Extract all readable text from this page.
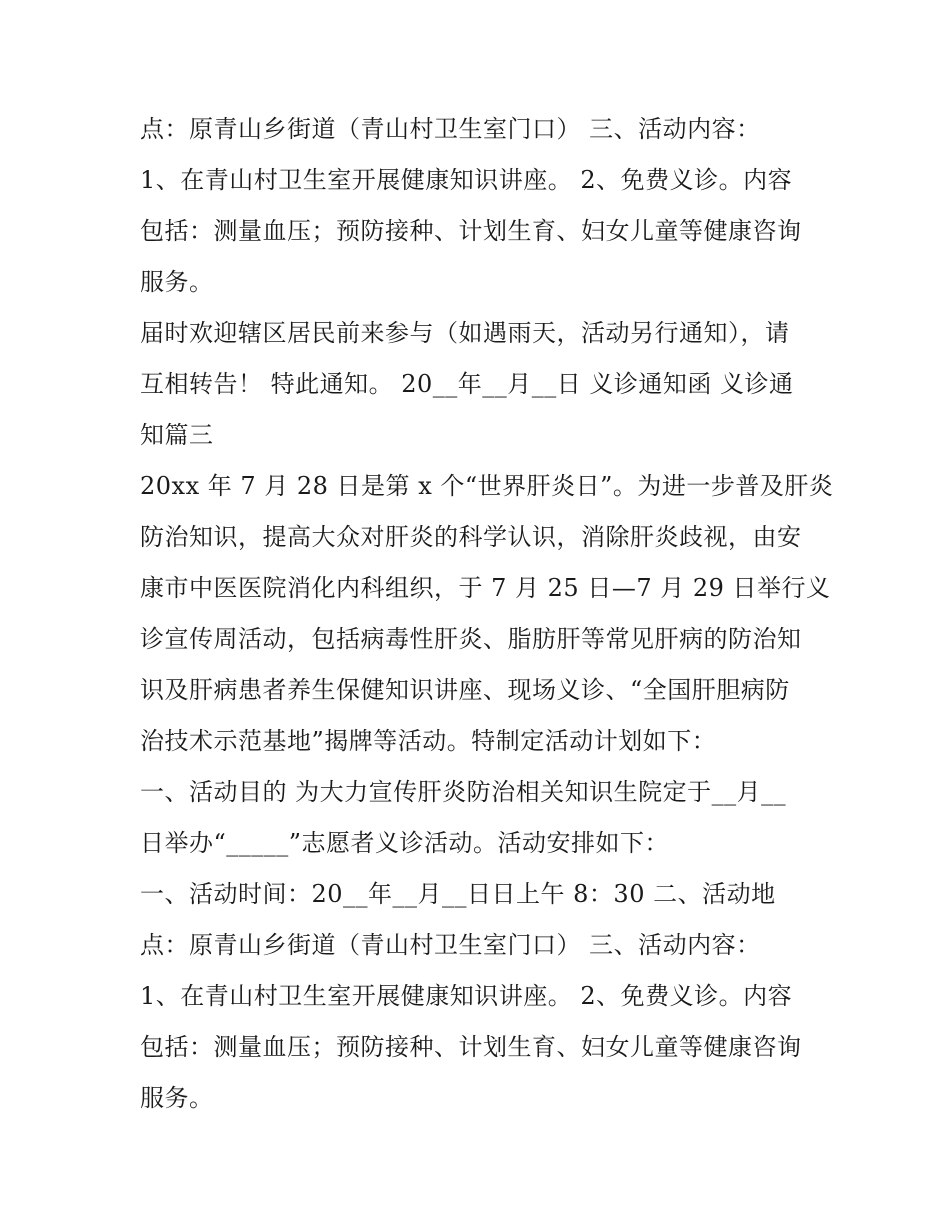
点：原青山乡街道（青山村卫生室门口） 三、活动内容：
1、在青山村卫生室开展健康知识讲座。 2、免费义诊。内容
包括：测量血压；预防接种、计划生育、妇女儿童等健康咨询
服务。
届时欢迎辖区居民前来参与（如遇雨天，活动另行通知），请
互相转告！ 特此通知。 20__年__月__日 义诊通知函 义诊通
知篇三
20xx 年 7 月 28 日是第 x 个“世界肝炎日”。为进一步普及肝炎
防治知识，提高大众对肝炎的科学认识，消除肝炎歧视，由安
康市中医医院消化内科组织，于 7 月 25 日—7 月 29 日举行义
诊宣传周活动，包括病毒性肝炎、脂肪肝等常见肝病的防治知
识及肝病患者养生保健知识讲座、现场义诊、“全国肝胆病防
治技术示范基地”揭牌等活动。特制定活动计划如下：
一、活动目的 为大力宣传肝炎防治相关知识生院定于__月__
日举办“_____”志愿者义诊活动。活动安排如下：
一、活动时间：20__年__月__日日上午 8：30 二、活动地
点：原青山乡街道（青山村卫生室门口） 三、活动内容：
1、在青山村卫生室开展健康知识讲座。 2、免费义诊。内容
包括：测量血压；预防接种、计划生育、妇女儿童等健康咨询
服务。
